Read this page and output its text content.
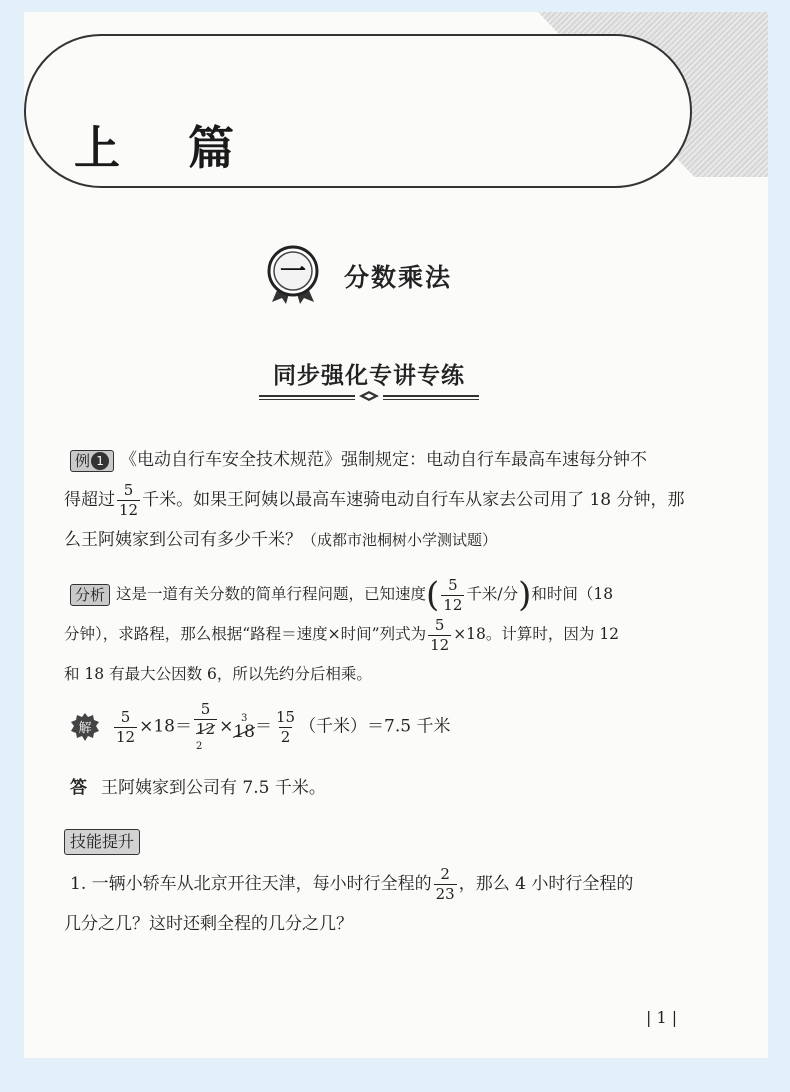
上篇
一 分数乘法
同步强化专讲专练
例 1 《电动自行车安全技术规范》强制规定：电动自行车最高车速每分钟不
得超过 $\frac{5}{12}$ 千米。如果王阿姨以最高车速骑电动自行车从家去公司用了 18 分钟，那
么王阿姨家到公司有多少千米？（成都市池桐树小学测试题）
分析 这是一道有关分数的简单行程问题，已知速度( $\frac{5}{12}$ 千米/分)和时间（18
分钟），求路程，那么根据“路程＝速度×时间”列式为 $\frac{5}{12} \times 18$。计算时，因为 12
和 18 有最大公因数 6，所以先约分后相乘。
解 $\frac{5}{12} \times 18=$
5
12
2
× 3
$18 = \frac{15}{2}$ （千米）＝7.5 千米
答 王阿姨家到公司有 7.5 千米。
技能提升
1. 一辆小轿车从北京开往天津，每小时行全程的 $\frac{2}{23}$ ，那么 4 小时行全程的
几分之几？这时还剩全程的几分之几？
| 1 |
